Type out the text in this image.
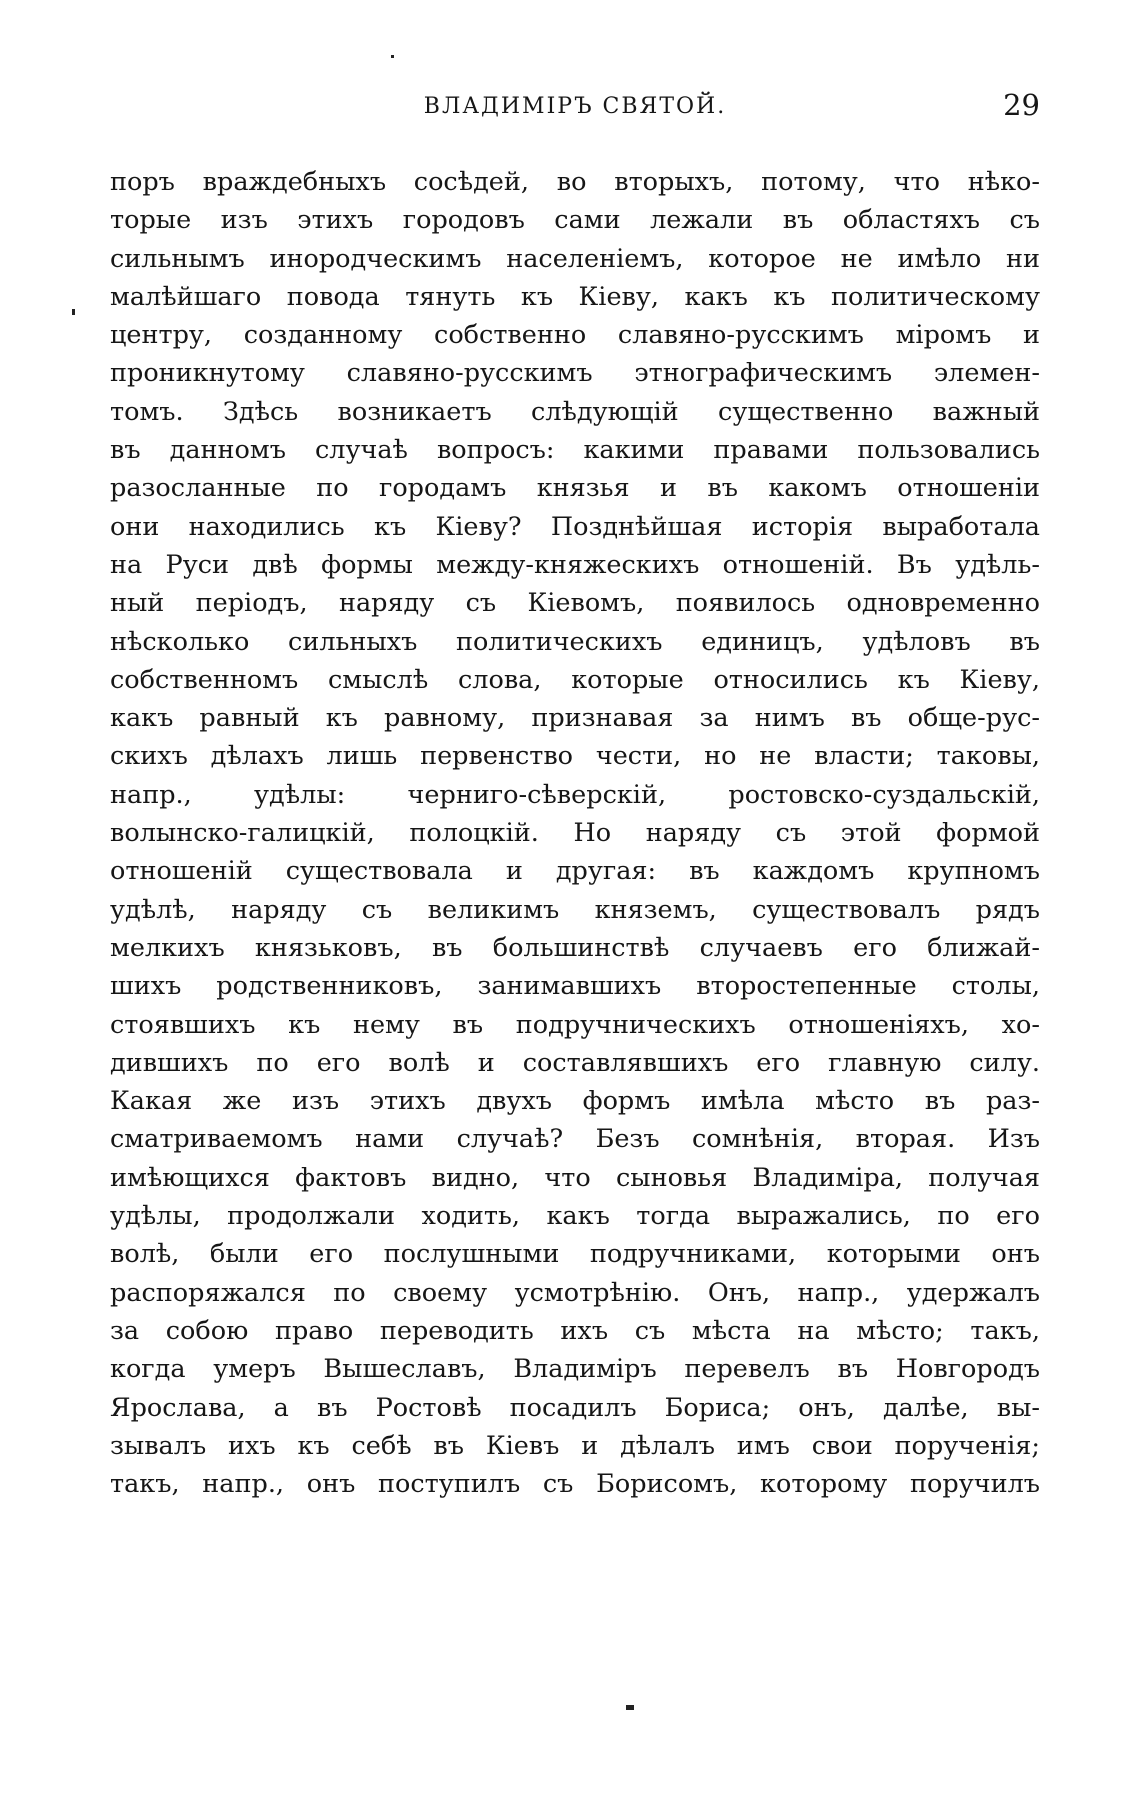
ВЛАДИМІРЪ СВЯТОЙ.	29
поръ враждебныхъ сосѣдей, во вторыхъ, потому, что нѣко-
торые изъ этихъ городовъ сами лежали въ областяхъ съ
сильнымъ инородческимъ населеніемъ, которое не имѣло ни
малѣйшаго повода тянуть къ Кіеву, какъ къ политическому
центру, созданному собственно славяно-русскимъ міромъ и
проникнутому славяно-русскимъ этнографическимъ элемен-
томъ. Здѣсь возникаетъ слѣдующій существенно важный
въ данномъ случаѣ вопросъ: какими правами пользовались
разосланные по городамъ князья и въ какомъ отношеніи
они находились къ Кіеву? Позднѣйшая исторія выработала
на Руси двѣ формы между-княжескихъ отношеній. Въ удѣль-
ный періодъ, наряду съ Кіевомъ, появилось одновременно
нѣсколько сильныхъ политическихъ единицъ, удѣловъ въ
собственномъ смыслѣ слова, которые относились къ Кіеву,
какъ равный къ равному, признавая за нимъ въ обще-рус-
скихъ дѣлахъ лишь первенство чести, но не власти; таковы,
напр., удѣлы: черниго-сѣверскій, ростовско-суздальскій,
волынско-галицкій, полоцкій. Но наряду съ этой формой
отношеній существовала и другая: въ каждомъ крупномъ
удѣлѣ, наряду съ великимъ княземъ, существовалъ рядъ
мелкихъ князьковъ, въ большинствѣ случаевъ его ближай-
шихъ родственниковъ, занимавшихъ второстепенные столы,
стоявшихъ къ нему въ подручническихъ отношеніяхъ, хо-
дившихъ по его волѣ и составлявшихъ его главную силу.
Какая же изъ этихъ двухъ формъ имѣла мѣсто въ раз-
сматриваемомъ нами случаѣ? Безъ сомнѣнія, вторая. Изъ
имѣющихся фактовъ видно, что сыновья Владиміра, получая
удѣлы, продолжали ходить, какъ тогда выражались, по его
волѣ, были его послушными подручниками, которыми онъ
распоряжался по своему усмотрѣнію. Онъ, напр., удержалъ
за собою право переводить ихъ съ мѣста на мѣсто; такъ,
когда умеръ Вышеславъ, Владиміръ перевелъ въ Новгородъ
Ярослава, а въ Ростовѣ посадилъ Бориса; онъ, далѣе, вы-
зывалъ ихъ къ себѣ въ Кіевъ и дѣлалъ имъ свои порученія;
такъ, напр., онъ поступилъ съ Борисомъ, которому поручилъ
